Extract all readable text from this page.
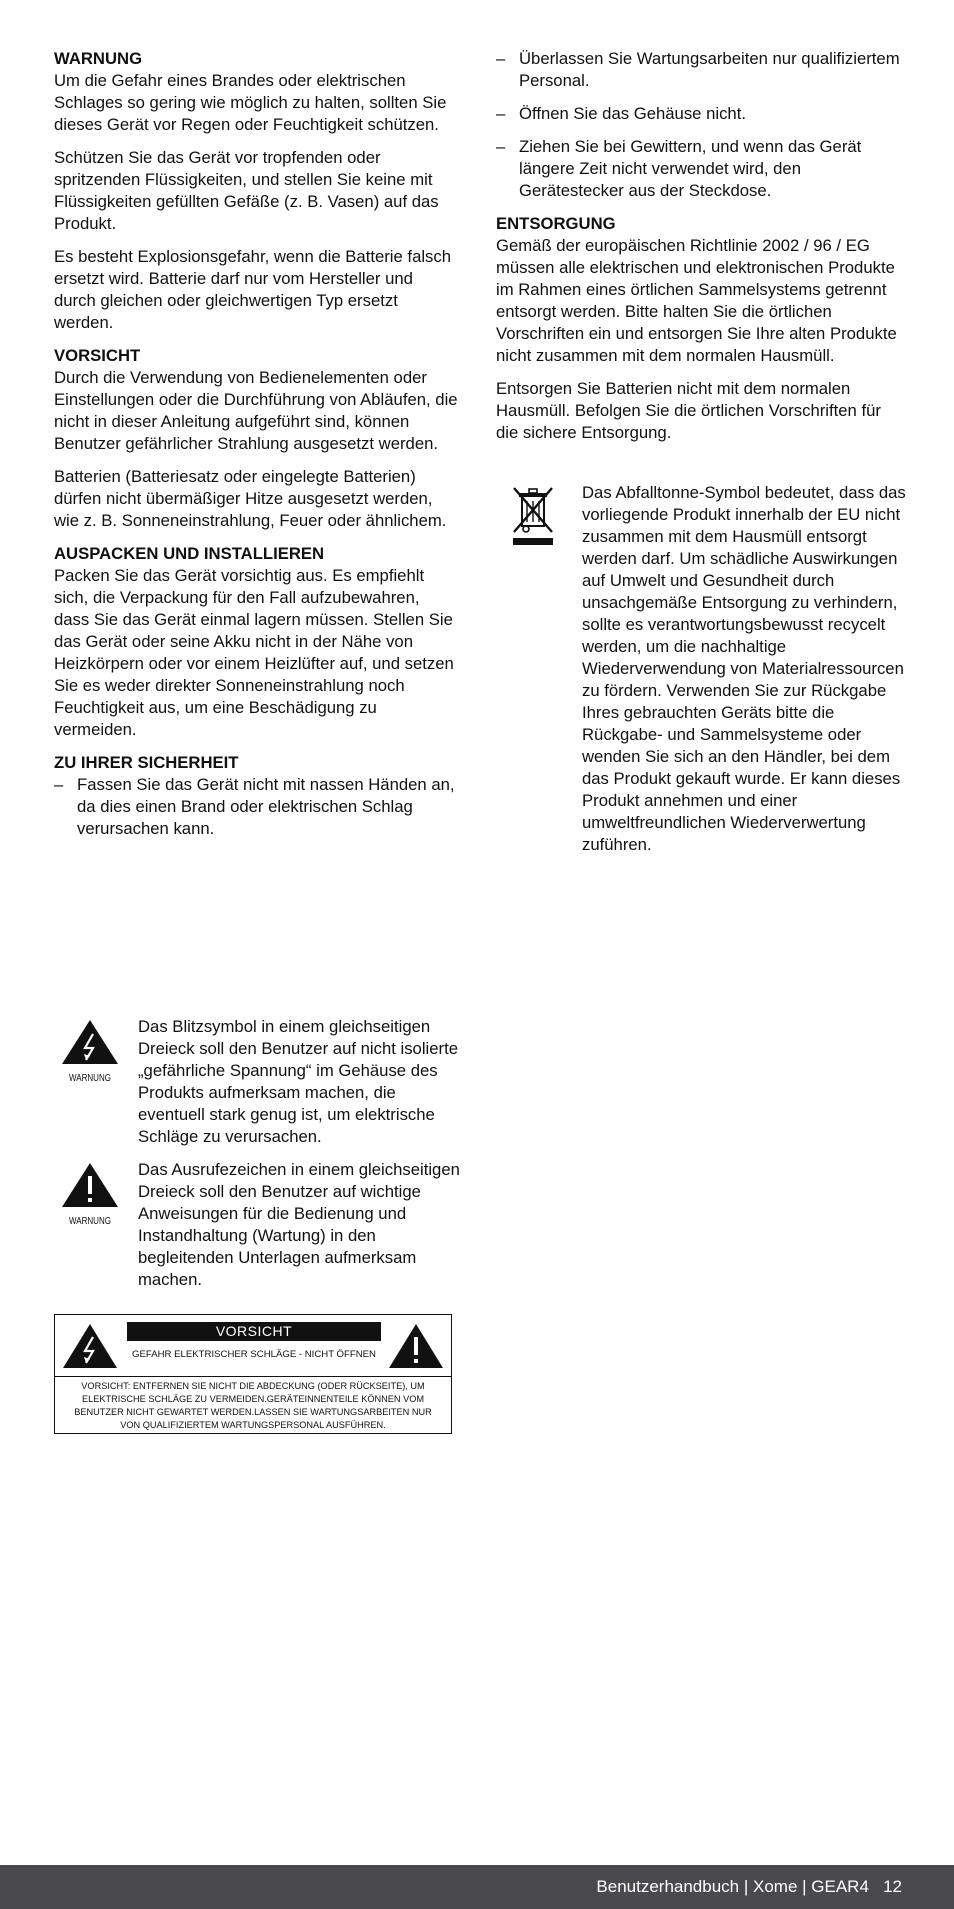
WARNUNG

Um die Gefahr eines Brandes oder elektrischen Schlages so gering wie möglich zu halten, sollten Sie dieses Gerät vor Regen oder Feuchtigkeit schützen.

Schützen Sie das Gerät vor tropfenden oder spritzenden Flüssigkeiten, und stellen Sie keine mit Flüssigkeiten gefüllten Gefäße (z. B. Vasen) auf das Produkt.

Es besteht Explosionsgefahr, wenn die Batterie falsch ersetzt wird. Batterie darf nur vom Hersteller und durch gleichen oder gleichwertigen Typ ersetzt werden.

VORSICHT

Durch die Verwendung von Bedienelementen oder Einstellungen oder die Durchführung von Abläufen, die nicht in dieser Anleitung aufgeführt sind, können Benutzer gefährlicher Strahlung ausgesetzt werden.

Batterien (Batteriesatz oder eingelegte Batterien) dürfen nicht übermäßiger Hitze ausgesetzt werden, wie z. B. Sonneneinstrahlung, Feuer oder ähnlichem.

AUSPACKEN UND INSTALLIEREN

Packen Sie das Gerät vorsichtig aus. Es empfiehlt sich, die Verpackung für den Fall aufzubewahren, dass Sie das Gerät einmal lagern müssen. Stellen Sie das Gerät oder seine Akku nicht in der Nähe von Heizkörpern oder vor einem Heizlüfter auf, und setzen Sie es weder direkter Sonneneinstrahlung noch Feuchtigkeit aus, um eine Beschädigung zu vermeiden.

ZU IHRER SICHERHEIT
– Fassen Sie das Gerät nicht mit nassen Händen an, da dies einen Brand oder elektrischen Schlag verursachen kann.
WARNUNG
Das Blitzsymbol in einem gleichseitigen Dreieck soll den Benutzer auf nicht isolierte „gefährliche Spannung“ im Gehäuse des Produkts aufmerksam machen, die eventuell stark genug ist, um elektrische Schläge zu verursachen.
WARNUNG
Das Ausrufezeichen in einem gleichseitigen Dreieck soll den Benutzer auf wichtige Anweisungen für die Bedienung und Instandhaltung (Wartung) in den begleitenden Unterlagen aufmerksam machen.
VORSICHT
GEFAHR ELEKTRISCHER SCHLÄGE - NICHT ÖFFNEN
VORSICHT: ENTFERNEN SIE NICHT DIE ABDECKUNG (ODER RÜCKSEITE), UM ELEKTRISCHE SCHLÄGE ZU VERMEIDEN.GERÄTEINNENTEILE KÖNNEN VOM BENUTZER NICHT GEWARTET WERDEN.LASSEN SIE WARTUNGSARBEITEN NUR VON QUALIFIZIERTEM WARTUNGSPERSONAL AUSFÜHREN.
– Überlassen Sie Wartungsarbeiten nur qualifiziertem Personal.
– Öffnen Sie das Gehäuse nicht.
– Ziehen Sie bei Gewittern, und wenn das Gerät längere Zeit nicht verwendet wird, den Gerätestecker aus der Steckdose.
ENTSORGUNG

Gemäß der europäischen Richtlinie 2002 / 96 / EG müssen alle elektrischen und elektronischen Produkte im Rahmen eines örtlichen Sammelsystems getrennt entsorgt werden. Bitte halten Sie die örtlichen Vorschriften ein und entsorgen Sie Ihre alten Produkte nicht zusammen mit dem normalen Hausmüll.

Entsorgen Sie Batterien nicht mit dem normalen Hausmüll. Befolgen Sie die örtlichen Vorschriften für die sichere Entsorgung.

Das Abfalltonne-Symbol bedeutet, dass das vorliegende Produkt innerhalb der EU nicht zusammen mit dem Hausmüll entsorgt werden darf. Um schädliche Auswirkungen auf Umwelt und Gesundheit durch unsachgemäße Entsorgung zu verhindern, sollte es verantwortungsbewusst recycelt werden, um die nachhaltige Wiederverwendung von Materialressourcen zu fördern. Verwenden Sie zur Rückgabe Ihres gebrauchten Geräts bitte die Rückgabe- und Sammelsysteme oder wenden Sie sich an den Händler, bei dem das Produkt gekauft wurde. Er kann dieses Produkt annehmen und einer umweltfreundlichen Wiederverwertung zuführen.
Benutzerhandbuch | Xome | GEAR4 12
